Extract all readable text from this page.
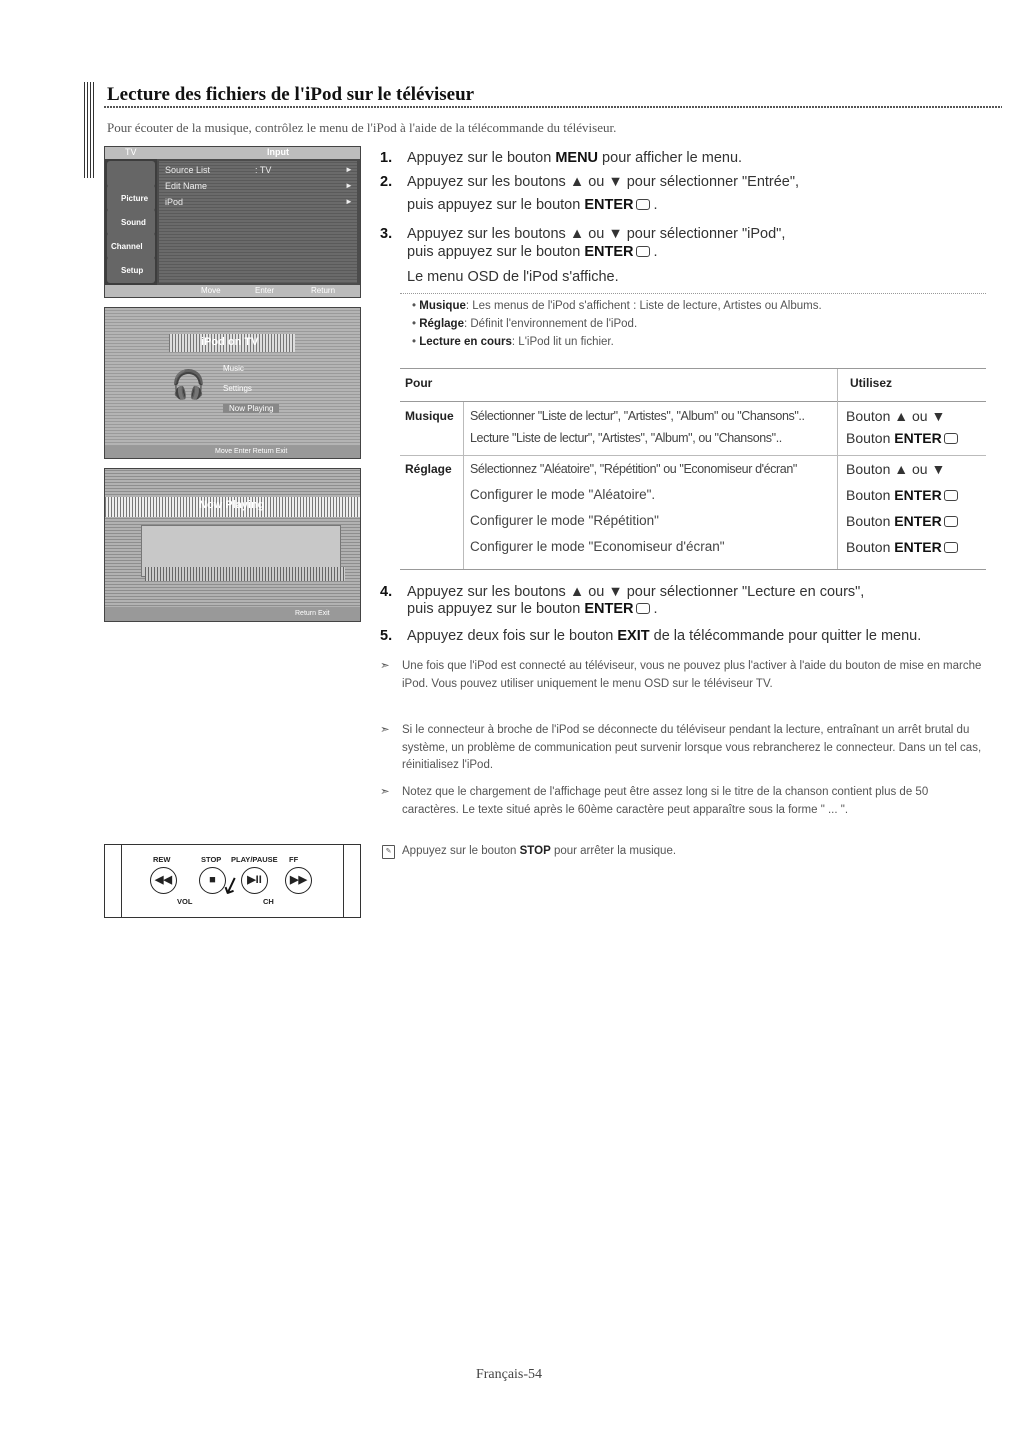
Lecture des fichiers de l'iPod sur le téléviseur
Pour écouter de la musique, contrôlez le menu de l'iPod à l'aide de la télécommande du téléviseur.
TV	Input
Picture
Sound
Channel
Setup
Source List	: TV	►
Edit Name	►
iPod	►
Move	Enter	Return
iPod on TV
🎧
Music
Settings
Now Playing
Move Enter Return Exit
Now Playing
Return Exit
1. Appuyez sur le bouton MENU pour afficher le menu.
2. Appuyez sur les boutons ▲ ou ▼ pour sélectionner "Entrée",
puis appuyez sur le bouton ENTER .
3. Appuyez sur les boutons ▲ ou ▼ pour sélectionner "iPod",
puis appuyez sur le bouton ENTER .
Le menu OSD de l'iPod s'affiche.
• Musique: Les menus de l'iPod s'affichent : Liste de lecture, Artistes ou Albums.
• Réglage: Définit l'environnement de l'iPod.
• Lecture en cours: L'iPod lit un fichier.
Pour	Utilisez
Musique Sélectionner "Liste de lectur", "Artistes", "Album" ou "Chansons"..	Bouton ▲ ou ▼
Lecture "Liste de lectur", "Artistes", "Album", ou "Chansons"..	Bouton ENTER
Réglage Sélectionnez "Aléatoire", "Répétition" ou "Economiseur d'écran"	Bouton ▲ ou ▼
Configurer le mode "Aléatoire".	Bouton ENTER
Configurer le mode "Répétition"	Bouton ENTER
Configurer le mode "Economiseur d'écran"	Bouton ENTER
4. Appuyez sur les boutons ▲ ou ▼ pour sélectionner "Lecture en cours",
puis appuyez sur le bouton ENTER .
5. Appuyez deux fois sur le bouton EXIT de la télécommande pour quitter le menu.
➣ Une fois que l'iPod est connecté au téléviseur, vous ne pouvez plus l'activer à l'aide du bouton de mise en marche iPod. Vous pouvez utiliser uniquement le menu OSD sur le téléviseur TV.
➣ Si le connecteur à broche de l'iPod se déconnecte du téléviseur pendant la lecture, entraînant un arrêt brutal du système, un problème de communication peut survenir lorsque vous rebrancherez le connecteur. Dans un tel cas, réinitialisez l'iPod.
➣ Notez que le chargement de l'affichage peut être assez long si le titre de la chanson contient plus de 50 caractères. Le texte situé après le 60ème caractère peut apparaître sous la forme " ... ".
✎ Appuyez sur le bouton STOP pour arrêter la musique.
REW	STOP PLAY/PAUSE FF
◀◀	■	▶II	▶▶
↙
VOL	CH
Français-54
